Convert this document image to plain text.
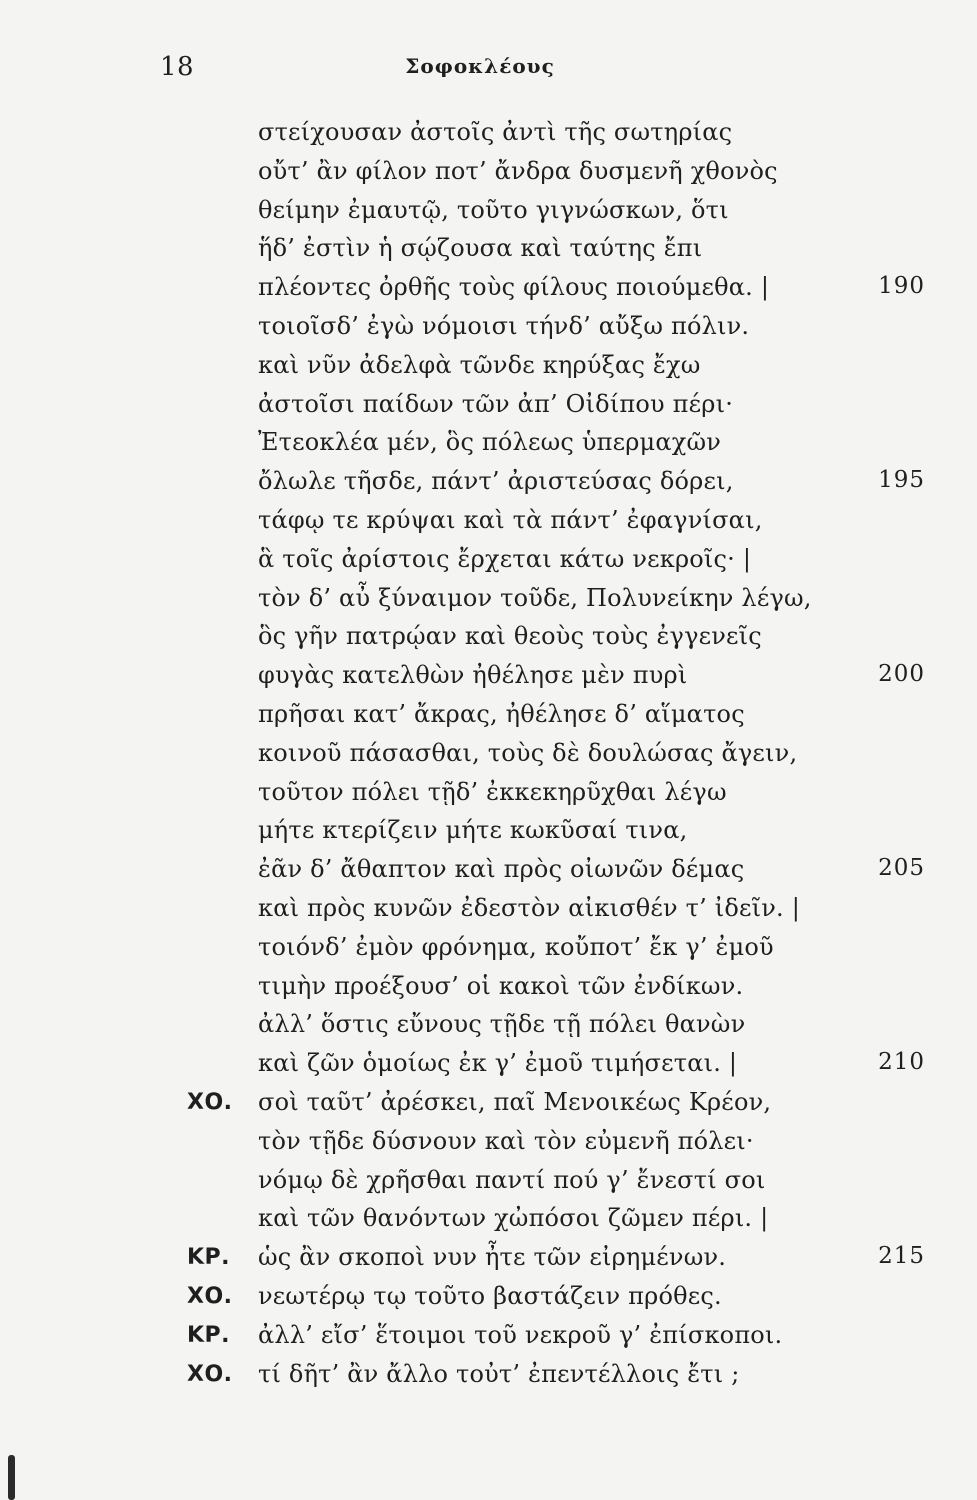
18	Σοφοκλέους
στείχουσαν ἀστοῖς ἀντὶ τῆς σωτηρίας
οὔτ’ ἂν φίλον ποτ’ ἄνδρα δυσμενῆ χθονὸς
θείμην ἐμαυτῷ, τοῦτο γιγνώσκων, ὅτι
ἥδ’ ἐστὶν ἡ σῴζουσα καὶ ταύτης ἔπι
πλέοντες ὀρθῆς τοὺς φίλους ποιούμεθα. |	190
τοιοῖσδ’ ἐγὼ νόμοισι τήνδ’ αὔξω πόλιν.
καὶ νῦν ἀδελφὰ τῶνδε κηρύξας ἔχω
ἀστοῖσι παίδων τῶν ἀπ’ Οἰδίπου πέρι·
Ἐτεοκλέα μέν, ὃς πόλεως ὑπερμαχῶν
ὄλωλε τῆσδε, πάντ’ ἀριστεύσας δόρει,	195
τάφῳ τε κρύψαι καὶ τὰ πάντ’ ἐφαγνίσαι,
ἃ τοῖς ἀρίστοις ἔρχεται κάτω νεκροῖς· |
τὸν δ’ αὖ ξύναιμον τοῦδε, Πολυνείκην λέγω,
ὃς γῆν πατρῴαν καὶ θεοὺς τοὺς ἐγγενεῖς
φυγὰς κατελθὼν ἠθέλησε μὲν πυρὶ	200
πρῆσαι κατ’ ἄκρας, ἠθέλησε δ’ αἵματος
κοινοῦ πάσασθαι, τοὺς δὲ δουλώσας ἄγειν,
τοῦτον πόλει τῇδ’ ἐκκεκηρῦχθαι λέγω
μήτε κτερίζειν μήτε κωκῦσαί τινα,
ἐᾶν δ’ ἄθαπτον καὶ πρὸς οἰωνῶν δέμας	205
καὶ πρὸς κυνῶν ἐδεστὸν αἰκισθέν τ’ ἰδεῖν. |
τοιόνδ’ ἐμὸν φρόνημα, κοὔποτ’ ἔκ γ’ ἐμοῦ
τιμὴν προέξουσ’ οἱ κακοὶ τῶν ἐνδίκων.
ἀλλ’ ὅστις εὔνους τῇδε τῇ πόλει θανὼν
καὶ ζῶν ὁμοίως ἐκ γ’ ἐμοῦ τιμήσεται. |	210
ΧΟ. σοὶ ταῦτ’ ἀρέσκει, παῖ Μενοικέως Κρέον,
τὸν τῇδε δύσνουν καὶ τὸν εὐμενῆ πόλει·
νόμῳ δὲ χρῆσθαι παντί πού γ’ ἔνεστί σοι
καὶ τῶν θανόντων χὠπόσοι ζῶμεν πέρι. |
ΚΡ. ὡς ἂν σκοποὶ νυν ἦτε τῶν εἰρημένων.	215
ΧΟ. νεωτέρῳ τῳ τοῦτο βαστάζειν πρόθες.
ΚΡ. ἀλλ’ εἴσ’ ἕτοιμοι τοῦ νεκροῦ γ’ ἐπίσκοποι.
ΧΟ. τί δῆτ’ ἂν ἄλλο τοὐτ’ ἐπεντέλλοις ἔτι ;
